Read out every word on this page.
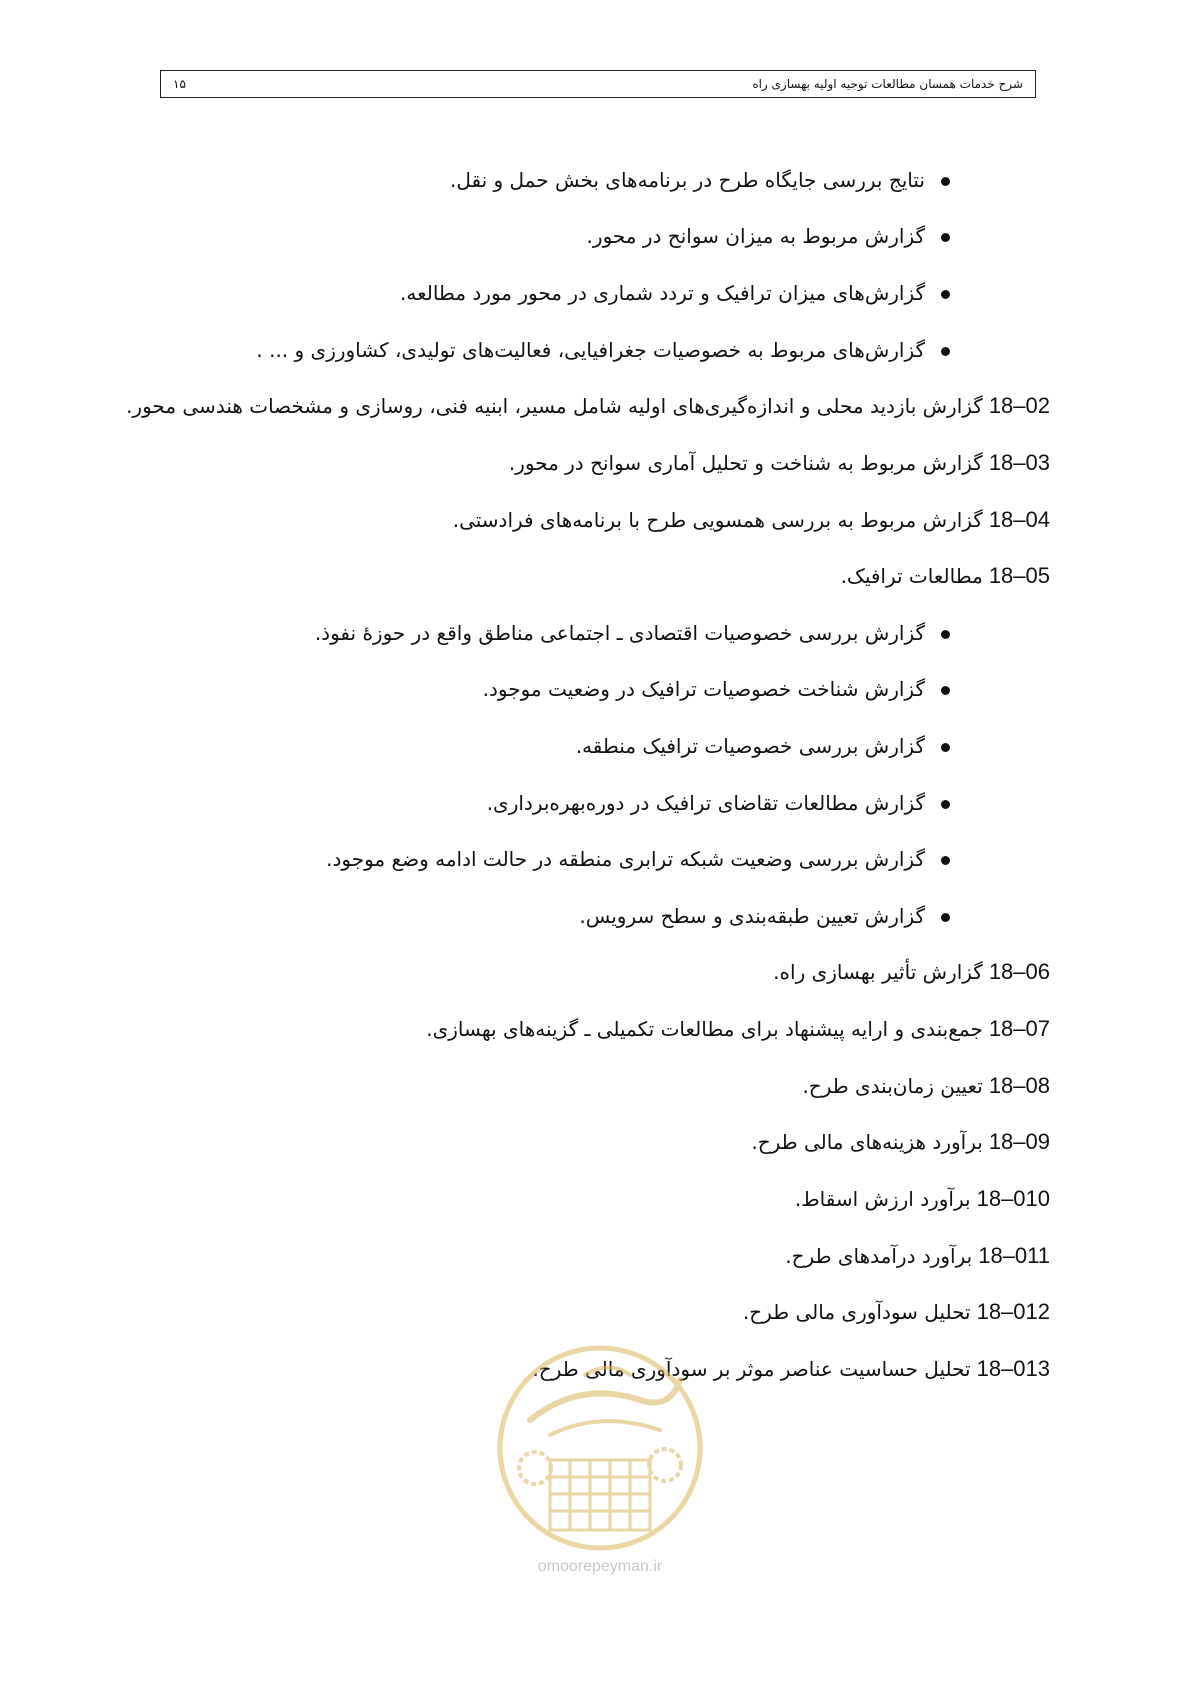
۱۵	شرح خدمات همسان مطالعات توجیه اولیه بهسازی راه
نتایج بررسی جایگاه طرح در برنامه‌های بخش حمل و نقل.
گزارش مربوط به میزان سوانح در محور.
گزارش‌های میزان ترافیک و تردد شماری در محور مورد مطالعه.
گزارش‌های مربوط به خصوصیات جغرافیایی، فعالیت‌های تولیدی، کشاورزی و ... .
18–02گزارش بازدید محلی و اندازه‌گیری‌های اولیه شامل مسیر، ابنیه فنی، روسازی و مشخصات هندسی محور.
18–03گزارش مربوط به شناخت و تحلیل آماری سوانح در محور.
18–04گزارش مربوط به بررسی همسویی طرح با برنامه‌های فرادستی.
18–05مطالعات ترافیک.
گزارش بررسی خصوصیات اقتصادی ـ اجتماعی مناطق واقع در حوزهٔ نفوذ.
گزارش شناخت خصوصیات ترافیک در وضعیت موجود.
گزارش بررسی خصوصیات ترافیک منطقه.
گزارش مطالعات تقاضای ترافیک در دوره‌بهره‌برداری.
گزارش بررسی وضعیت شبکه ترابری منطقه در حالت ادامه وضع موجود.
گزارش تعیین طبقه‌بندی و سطح سرویس.
18–06گزارش تأثیر بهسازی راه.
18–07جمع‌بندی و ارایه پیشنهاد برای مطالعات تکمیلی ـ گزینه‌های بهسازی.
18–08تعیین زمان‌بندی طرح.
18–09برآورد هزینه‌های مالی طرح.
18–010برآورد ارزش اسقاط.
18–011برآورد درآمدهای طرح.
18–012تحلیل سودآوری مالی طرح.
18–013تحلیل حساسیت عناصر موثر بر سودآوری مالی طرح.
omoorepeyman.ir
